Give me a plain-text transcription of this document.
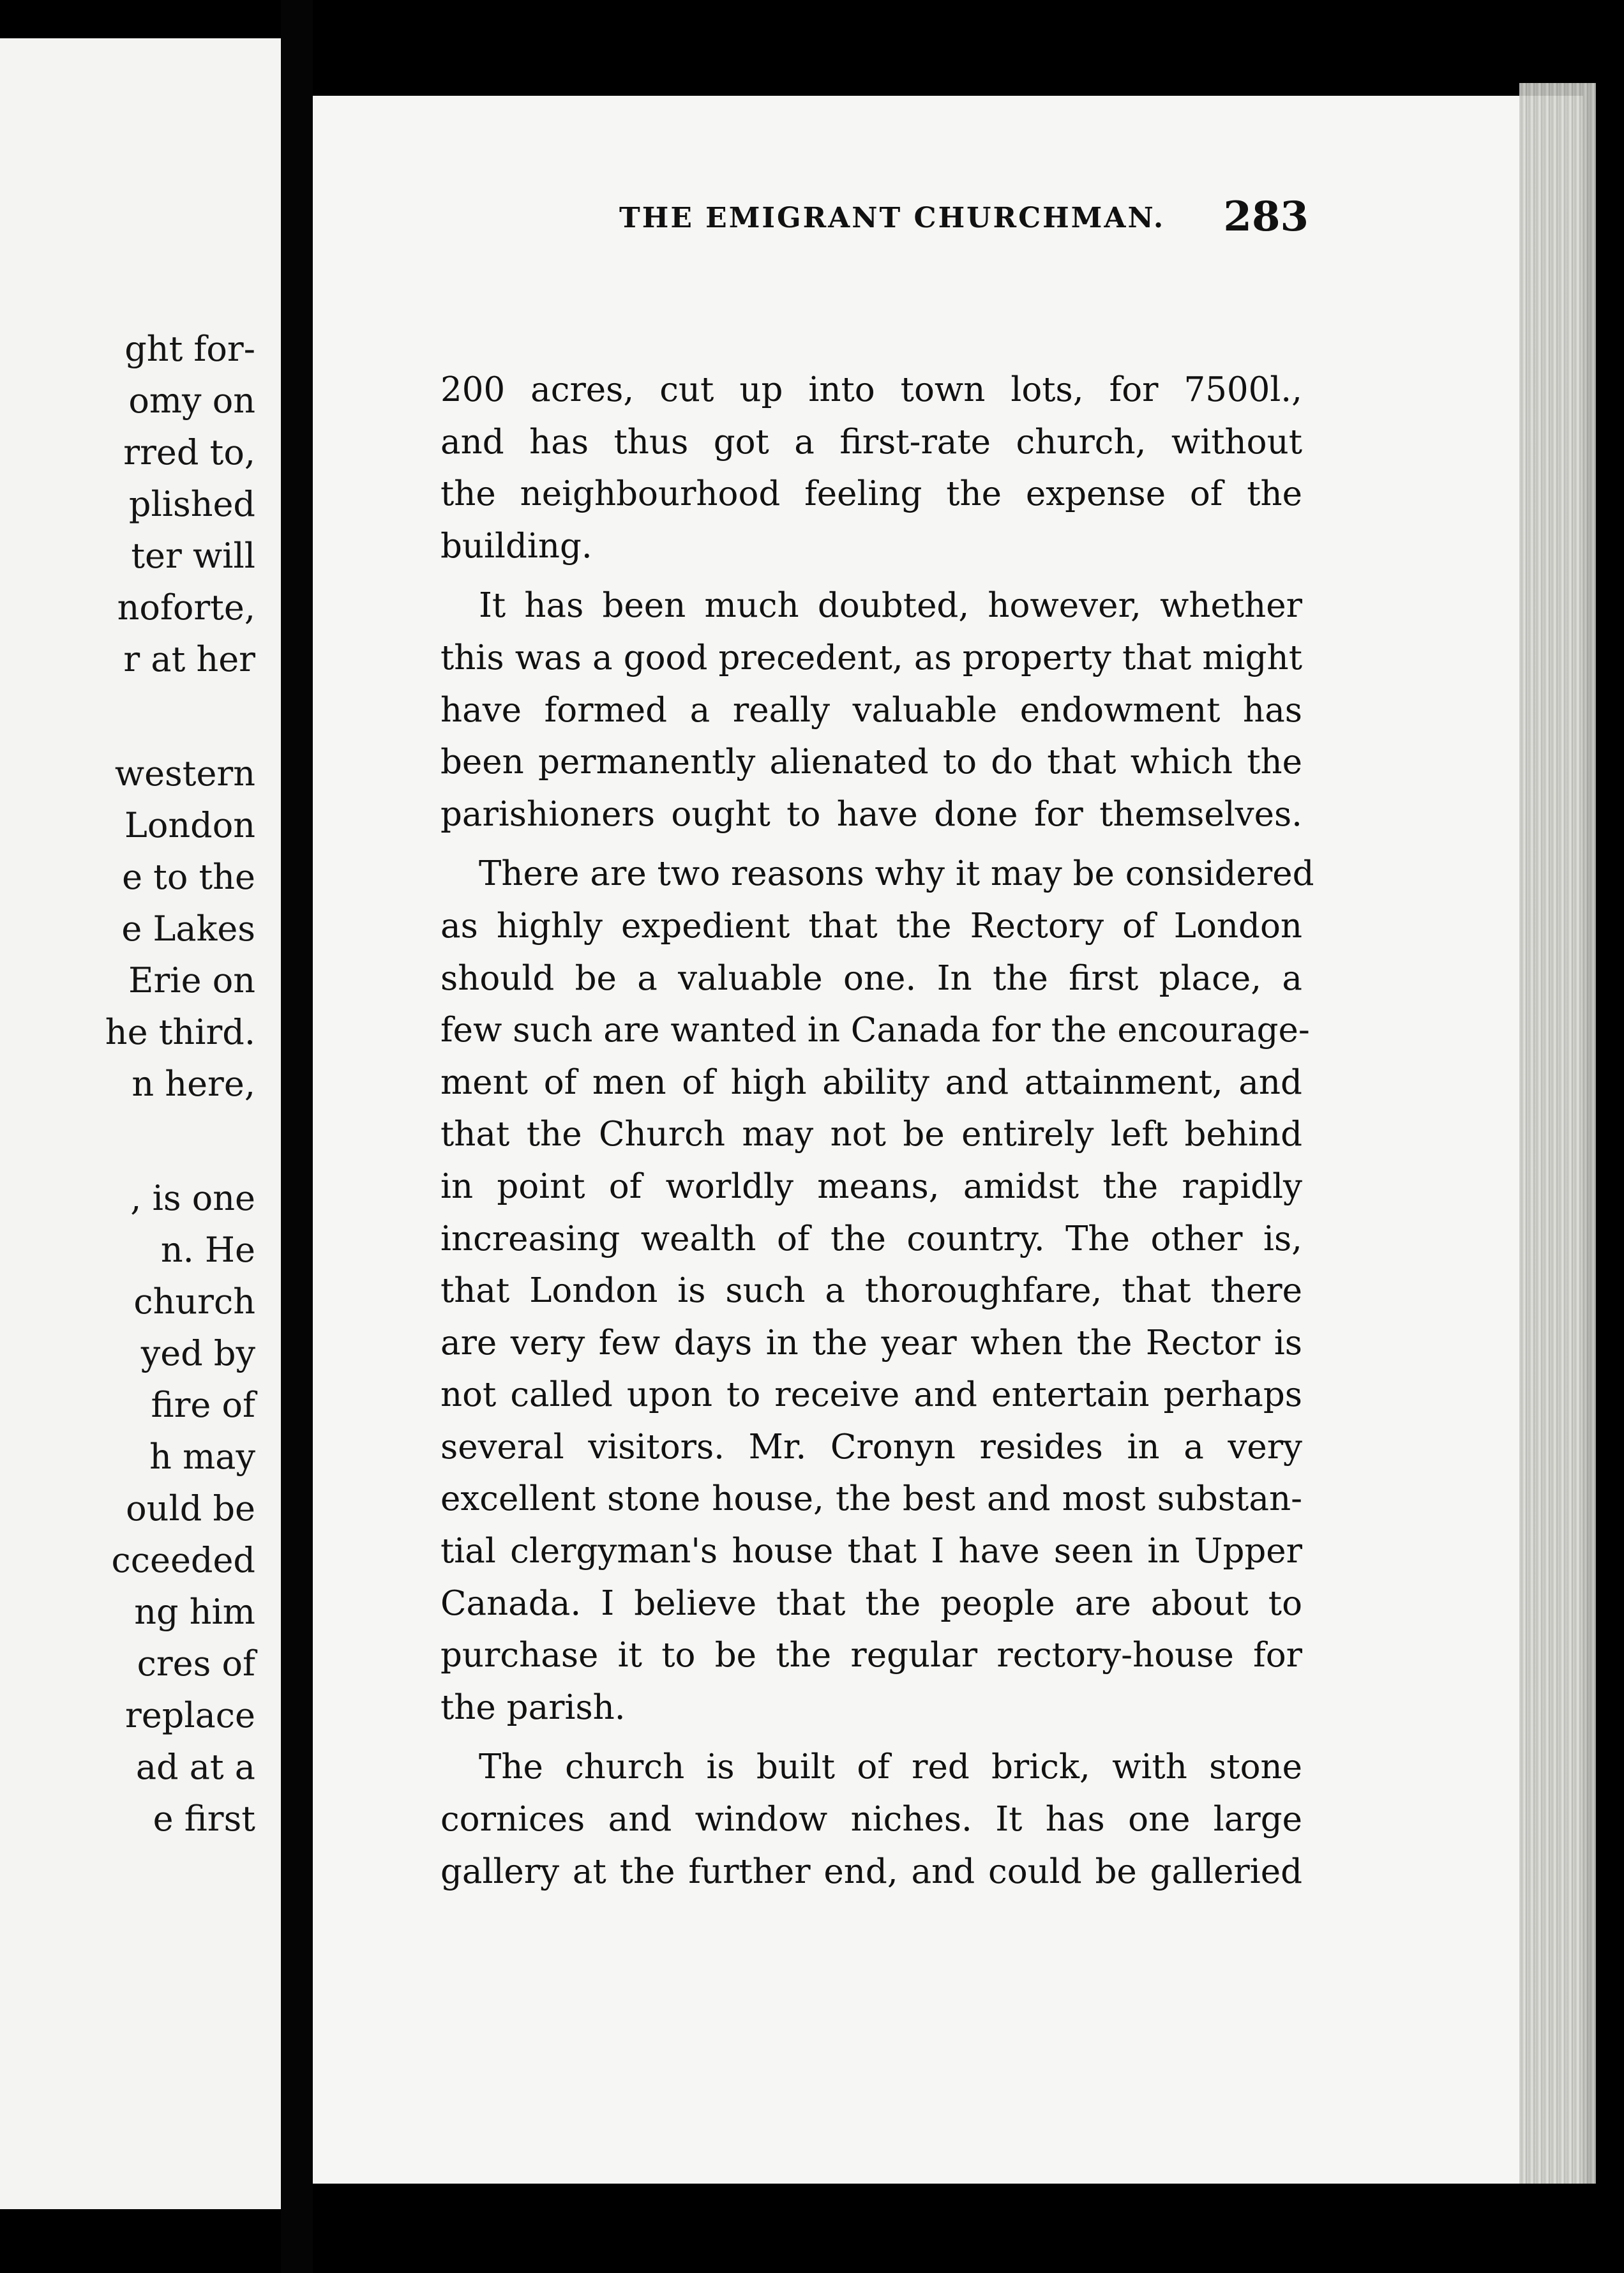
ght for-
omy on
rred to,
plished
ter will
noforte,
r at her
western
London
e to the
e Lakes
Erie on
he third.
n here,
, is one
n. He
church
yed by
fire of
h may
ould be
cceeded
ng him
cres of
replace
ad at a
e first
THE EMIGRANT CHURCHMAN. 283
200 acres, cut up into town lots, for 7500l.,
and has thus got a first-rate church, without
the neighbourhood feeling the expense of the
building.
It has been much doubted, however, whether
this was a good precedent, as property that might
have formed a really valuable endowment has
been permanently alienated to do that which the
parishioners ought to have done for themselves.
There are two reasons why it may be considered
as highly expedient that the Rectory of London
should be a valuable one. In the first place, a
few such are wanted in Canada for the encourage-
ment of men of high ability and attainment, and
that the Church may not be entirely left behind
in point of worldly means, amidst the rapidly
increasing wealth of the country. The other is,
that London is such a thoroughfare, that there
are very few days in the year when the Rector is
not called upon to receive and entertain perhaps
several visitors. Mr. Cronyn resides in a very
excellent stone house, the best and most substan-
tial clergyman's house that I have seen in Upper
Canada. I believe that the people are about to
purchase it to be the regular rectory-house for
the parish.
The church is built of red brick, with stone
cornices and window niches. It has one large
gallery at the further end, and could be galleried
